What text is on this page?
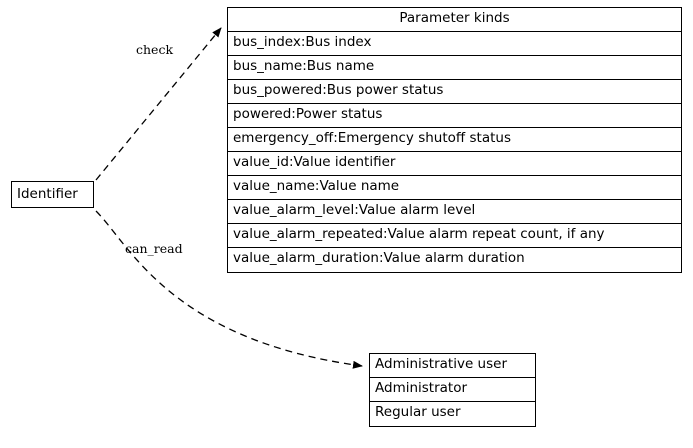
check
can_read
Identifier
Parameter kinds
bus_index:Bus index
bus_name:Bus name
bus_powered:Bus power status
powered:Power status
emergency_off:Emergency shutoff status
value_id:Value identifier
value_name:Value name
value_alarm_level:Value alarm level
value_alarm_repeated:Value alarm repeat count, if any
value_alarm_duration:Value alarm duration
Administrative user
Administrator
Regular user
